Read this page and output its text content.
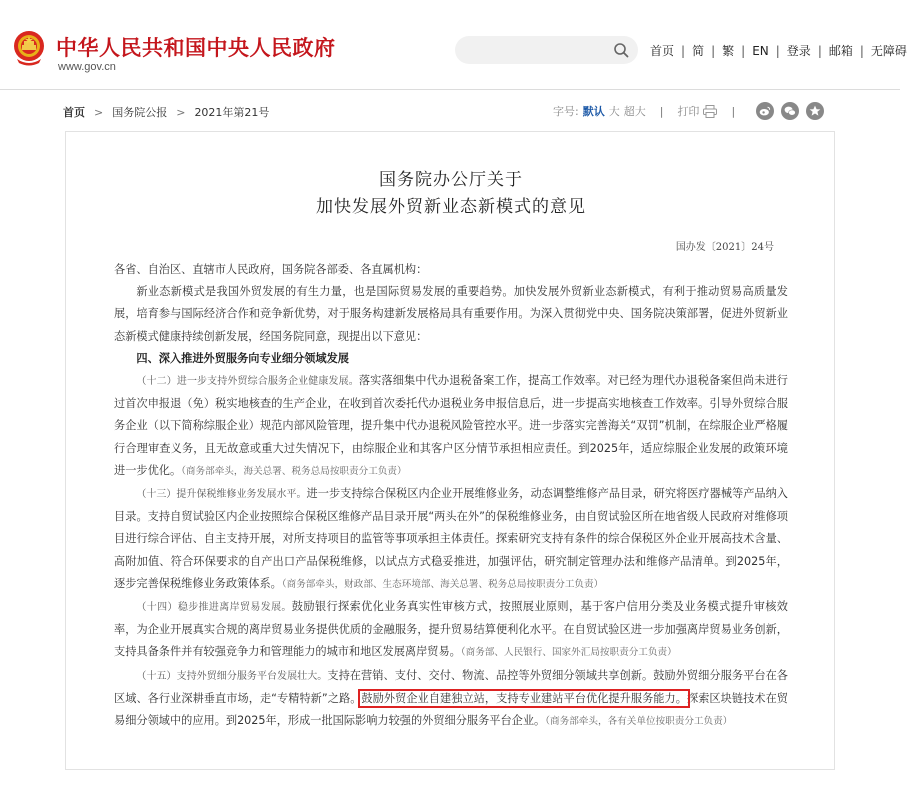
中华人民共和国中央人民政府
www.gov.cn
首页 | 简 | 繁 | EN | 登录 | 邮箱 | 无障碍
首页 > 国务院公报 > 2021年第21号	字号: 默认 大 超大 | 打印	|
国务院办公厅关于
加快发展外贸新业态新模式的意见
国办发〔2021〕24号

各省、自治区、直辖市人民政府，国务院各部委、各直属机构：

新业态新模式是我国外贸发展的有生力量，也是国际贸易发展的重要趋势。加快发展外贸新业态新模式，有利于推动贸易高质量发展，培育参与国际经济合作和竞争新优势，对于服务构建新发展格局具有重要作用。为深入贯彻党中央、国务院决策部署，促进外贸新业态新模式健康持续创新发展，经国务院同意，现提出以下意见：

四、深入推进外贸服务向专业细分领域发展

（十二）进一步支持外贸综合服务企业健康发展。落实落细集中代办退税备案工作，提高工作效率。对已经为理代办退税备案但尚未进行过首次申报退（免）税实地核查的生产企业，在收到首次委托代办退税业务申报信息后，进一步提高实地核查工作效率。引导外贸综合服务企业（以下简称综服企业）规范内部风险管理，提升集中代办退税风险管控水平。进一步落实完善海关“双罚”机制，在综服企业严格履行合理审查义务，且无故意或重大过失情况下，由综服企业和其客户区分情节承担相应责任。到2025年，适应综服企业发展的政策环境进一步优化。（商务部牵头，海关总署、税务总局按职责分工负责）

（十三）提升保税维修业务发展水平。进一步支持综合保税区内企业开展维修业务，动态调整维修产品目录，研究将医疗器械等产品纳入目录。支持自贸试验区内企业按照综合保税区维修产品目录开展“两头在外”的保税维修业务，由自贸试验区所在地省级人民政府对维修项目进行综合评估、自主支持开展，对所支持项目的监管等事项承担主体责任。探索研究支持有条件的综合保税区外企业开展高技术含量、高附加值、符合环保要求的自产出口产品保税维修，以试点方式稳妥推进，加强评估，研究制定管理办法和维修产品清单。到2025年，逐步完善保税维修业务政策体系。（商务部牵头，财政部、生态环境部、海关总署、税务总局按职责分工负责）

（十四）稳步推进离岸贸易发展。鼓励银行探索优化业务真实性审核方式，按照展业原则，基于客户信用分类及业务模式提升审核效率，为企业开展真实合规的离岸贸易业务提供优质的金融服务，提升贸易结算便利化水平。在自贸试验区进一步加强离岸贸易业务创新，支持具备条件并有较强竞争力和管理能力的城市和地区发展离岸贸易。（商务部、人民银行、国家外汇局按职责分工负责）

（十五）支持外贸细分服务平台发展壮大。支持在营销、支付、交付、物流、品控等外贸细分领域共享创新。鼓励外贸细分服务平台在各区域、各行业深耕垂直市场，走“专精特新”之路。鼓励外贸企业自建独立站，支持专业建站平台优化提升服务能力。探索区块链技术在贸易细分领域中的应用。到2025年，形成一批国际影响力较强的外贸细分服务平台企业。（商务部牵头，各有关单位按职责分工负责）
